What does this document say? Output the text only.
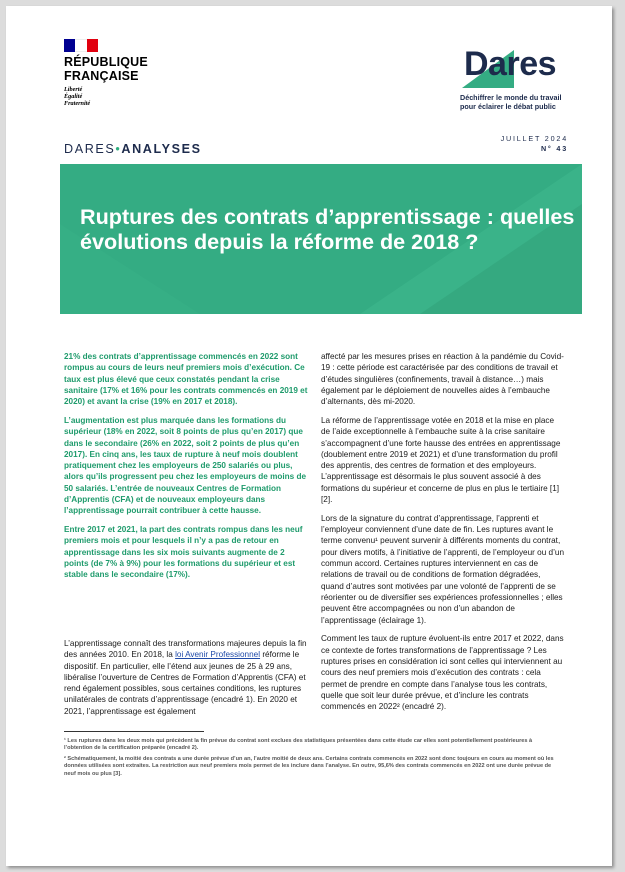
RÉPUBLIQUE
FRANÇAISE
Liberté
Égalité
Fraternité
Dares
Déchiffrer le monde du travail
pour éclairer le débat public
DARES•ANALYSES
JUILLET 2024
N° 43
Ruptures des contrats d’apprentissage : quelles évolutions depuis la réforme de 2018 ?

21% des contrats d’apprentissage commencés en 2022 sont rompus au cours de leurs neuf premiers mois d’exécution. Ce taux est plus élevé que ceux constatés pendant la crise sanitaire (17% et 16% pour les contrats commencés en 2019 et 2020) et avant la crise (19% en 2017 et 2018).

L’augmentation est plus marquée dans les formations du supérieur (18% en 2022, soit 8 points de plus qu’en 2017) que dans le secondaire (26% en 2022, soit 2 points de plus qu’en 2017). En cinq ans, les taux de rupture à neuf mois doublent pratiquement chez les employeurs de 250 salariés ou plus, alors qu’ils progressent peu chez les employeurs de moins de 50 salariés. L’entrée de nouveaux Centres de Formation d’Apprentis (CFA) et de nouveaux employeurs dans l’apprentissage pourrait contribuer à cette hausse.

Entre 2017 et 2021, la part des contrats rompus dans les neuf premiers mois et pour lesquels il n’y a pas de retour en apprentissage dans les six mois suivants augmente de 2 points (de 7% à 9%) pour les formations du supérieur et est stable dans le secondaire (17%).

L’apprentissage connaît des transformations majeures depuis la fin des années 2010. En 2018, la loi Avenir Professionnel réforme le dispositif. En particulier, elle l’étend aux jeunes de 25 à 29 ans, libéralise l’ouverture de Centres de Formation d’Apprentis (CFA) et rend également possibles, sous certaines conditions, les ruptures unilatérales de contrats d’apprentissage (encadré 1). En 2020 et 2021, l’apprentissage est également

affecté par les mesures prises en réaction à la pandémie du Covid-19 : cette période est caractérisée par des conditions de travail et d’études singulières (confinements, travail à distance…) mais également par le déploiement de nouvelles aides à l’embauche d’alternants, dès mi-2020.

La réforme de l’apprentissage votée en 2018 et la mise en place de l’aide exceptionnelle à l’embauche suite à la crise sanitaire s’accompagnent d’une forte hausse des entrées en apprentissage (doublement entre 2019 et 2021) et d’une transformation du profil des apprentis, des centres de formation et des employeurs. L’apprentissage est désormais le plus souvent associé à des formations du supérieur et concerne de plus en plus le tertiaire [1] [2].

Lors de la signature du contrat d’apprentissage, l’apprenti et l’employeur conviennent d’une date de fin. Les ruptures avant le terme convenu¹ peuvent survenir à différents moments du contrat, pour divers motifs, à l’initiative de l’apprenti, de l’employeur ou d’un commun accord. Certaines ruptures interviennent en cas de relations de travail ou de conditions de formation dégradées, quand d’autres sont motivées par une volonté de l’apprenti de se réorienter ou de diversifier ses expériences professionnelles ; elles peuvent être accompagnées ou non d’un abandon de l’apprentissage (éclairage 1).

Comment les taux de rupture évoluent-ils entre 2017 et 2022, dans ce contexte de fortes transformations de l’apprentissage ? Les ruptures prises en considération ici sont celles qui interviennent au cours des neuf premiers mois d’exécution des contrats : cela permet de prendre en compte dans l’analyse tous les contrats, quelle que soit leur durée prévue, et d’inclure les contrats commencés en 2022² (encadré 2).

¹ Les ruptures dans les deux mois qui précèdent la fin prévue du contrat sont exclues des statistiques présentées dans cette étude car elles sont potentiellement postérieures à l’obtention de la certification préparée (encadré 2).

² Schématiquement, la moitié des contrats a une durée prévue d’un an, l’autre moitié de deux ans. Certains contrats commencés en 2022 sont donc toujours en cours au moment où les données utilisées sont extraites. La restriction aux neuf premiers mois permet de les inclure dans l’analyse. En outre, 95,6% des contrats commencés en 2022 ont une durée prévue de neuf mois ou plus [3].
